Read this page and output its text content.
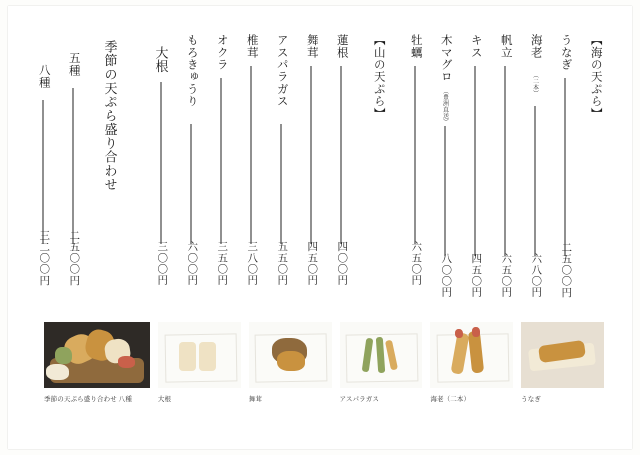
【海の天ぷら】
うなぎ
二五〇〇円
海老
（二本）
六八〇円
帆立
六五〇円
キス
四五〇円
木マグロ
（豊洲直送）
八〇〇円
牡蠣
六五〇円
【山の天ぷら】
蓮根
四〇〇円
舞茸
四五〇円
アスパラガス
五五〇円
椎茸
三八〇円
オクラ
三五〇円
もろきゅうり
六〇〇円
大根
三〇〇円
季節の天ぷら盛り合わせ
五種
二五〇〇円
八種
三二〇〇円
季節の天ぷら盛り合わせ 八種	大根	舞茸	アスパラガス	海老（二本）	うなぎ
